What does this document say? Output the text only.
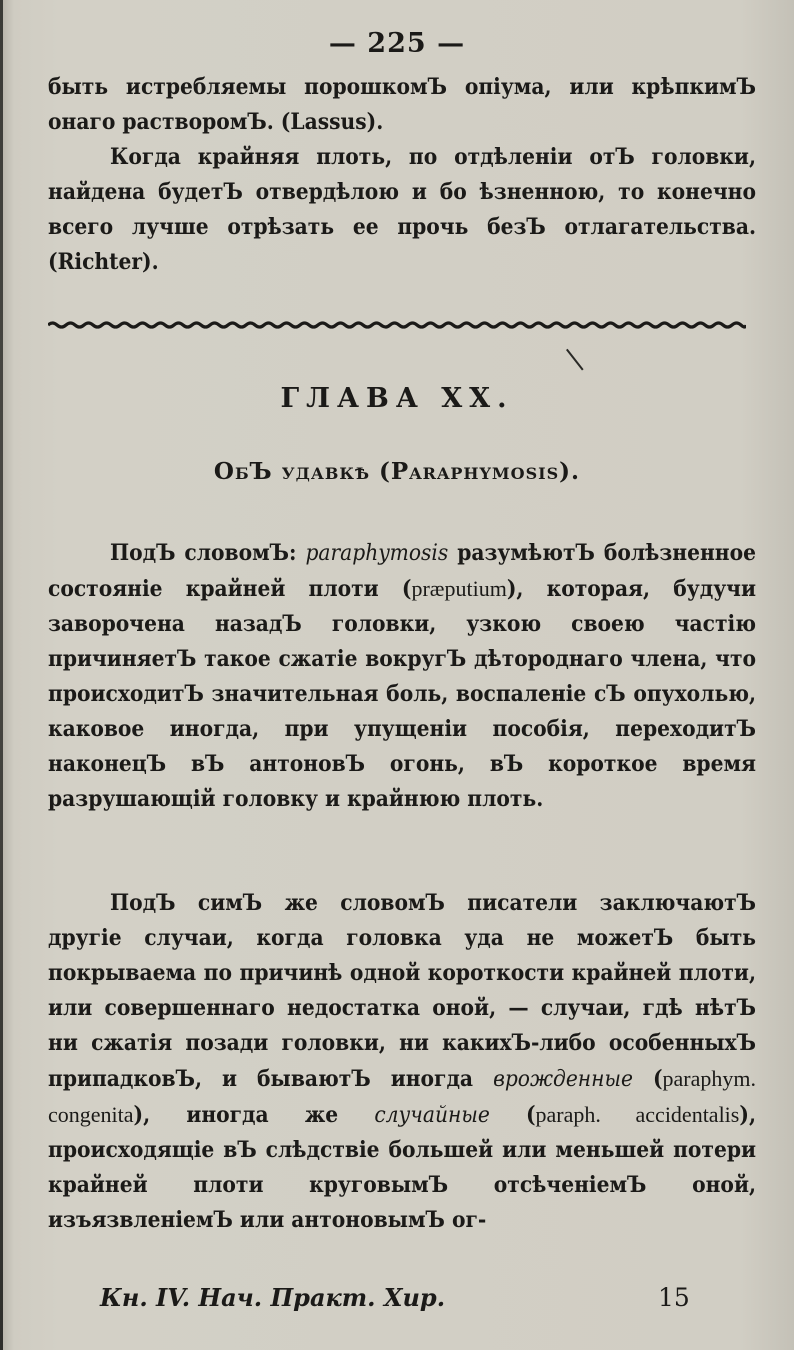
— 225 —

быть истребляемы порошкомЪ опіума, или крѣпкимЪ онаго растворомЪ. (Lassus).

Когда крайняя плоть, по отдѣленіи отЪ головки, найдена будетЪ отвердѣлою и бо ѣзненною, то конечно всего лучше отрѣзать ее прочь безЪ отлагательства. (Richter).

ГЛАВА XX.
ОбЪ удавкѣ (Paraphymosis).

ПодЪ словомЪ: paraphymosis разумѣютЪ болѣзненное состояніе крайней плоти (præputium), которая, будучи заворочена назадЪ головки, узкою своею частію причиняетЪ такое сжатіе вокругЪ дѣтороднаго члена, что происходитЪ значительная боль, воспаленіе сЪ опухолью, каковое иногда, при упущеніи пособія, переходитЪ наконецЪ вЪ антоновЪ огонь, вЪ короткое время разрушающій головку и крайнюю плоть.

ПодЪ симЪ же словомЪ писатели заключаютЪ другіе случаи, когда головка уда не можетЪ быть покрываема по причинѣ одной короткости крайней плоти, или совершеннаго недостатка оной, — случаи, гдѣ нѣтЪ ни сжатія позади головки, ни какихЪ-либо особенныхЪ припадковЪ, и бываютЪ иногда врожденные (paraphym. congenita), иногда же случайные (paraph. accidentalis), происходящіе вЪ слѣдствіе большей или меньшей потери крайней плоти круговымЪ отсѣченіемЪ оной, изъязвленіемЪ или антоновымЪ ог-

Кн. IV. Нач. Практ. Хир.	15
